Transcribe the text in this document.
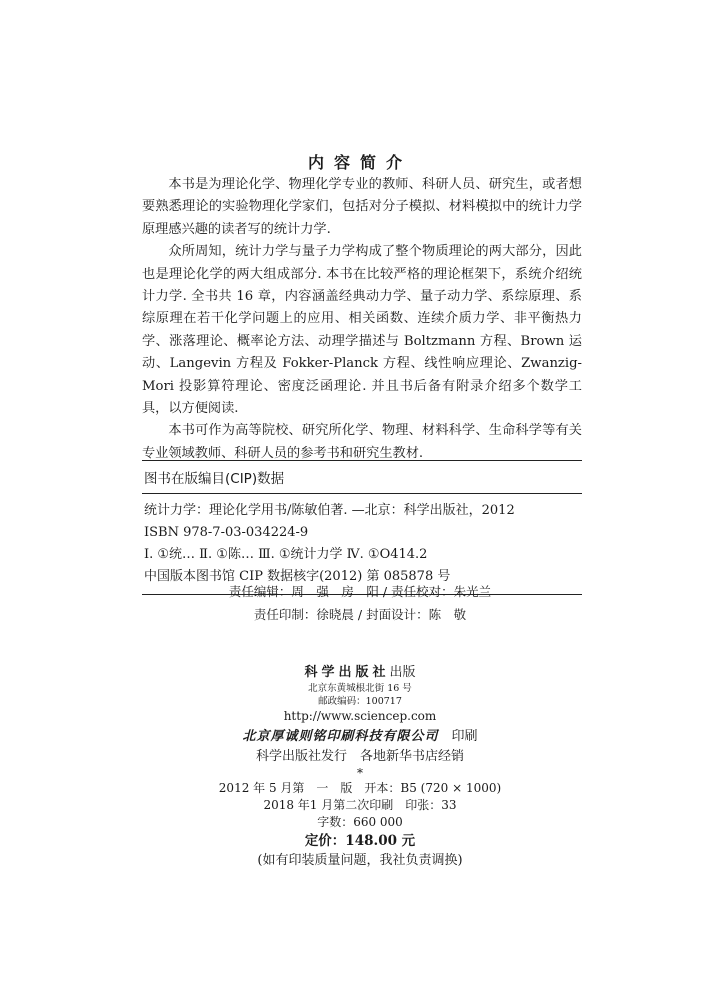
内容简介

本书是为理论化学、物理化学专业的教师、科研人员、研究生，或者想要熟悉理论的实验物理化学家们，包括对分子模拟、材料模拟中的统计力学原理感兴趣的读者写的统计力学.

众所周知，统计力学与量子力学构成了整个物质理论的两大部分，因此也是理论化学的两大组成部分. 本书在比较严格的理论框架下，系统介绍统计力学. 全书共 16 章，内容涵盖经典动力学、量子动力学、系综原理、系综原理在若干化学问题上的应用、相关函数、连续介质力学、非平衡热力学、涨落理论、概率论方法、动理学描述与 Boltzmann 方程、Brown 运动、Langevin 方程及 Fokker-Planck 方程、线性响应理论、Zwanzig-Mori 投影算符理论、密度泛函理论. 并且书后备有附录介绍多个数学工具，以方便阅读.

本书可作为高等院校、研究所化学、物理、材料科学、生命科学等有关专业领域教师、科研人员的参考书和研究生教材.

图书在版编目(CIP)数据
统计力学：理论化学用书/陈敏伯著. —北京：科学出版社，2012
ISBN 978-7-03-034224-9
Ⅰ. ①统… Ⅱ. ①陈… Ⅲ. ①统计力学 Ⅳ. ①O414.2
中国版本图书馆 CIP 数据核字(2012) 第 085878 号
责任编辑：周　强　房　阳 / 责任校对：朱光兰
责任印制：徐晓晨 / 封面设计：陈　敬
科学出版社出版
北京东黄城根北街 16 号
邮政编码：100717
http://www.sciencep.com
北京厚诚则铭印刷科技有限公司  印刷
科学出版社发行　各地新华书店经销
*
2012 年 5 月第　一　版　开本：B5 (720 × 1000)
2018 年1 月第二次印刷　印张：33
字数：660 000
定价：148.00 元
(如有印装质量问题，我社负责调换)
